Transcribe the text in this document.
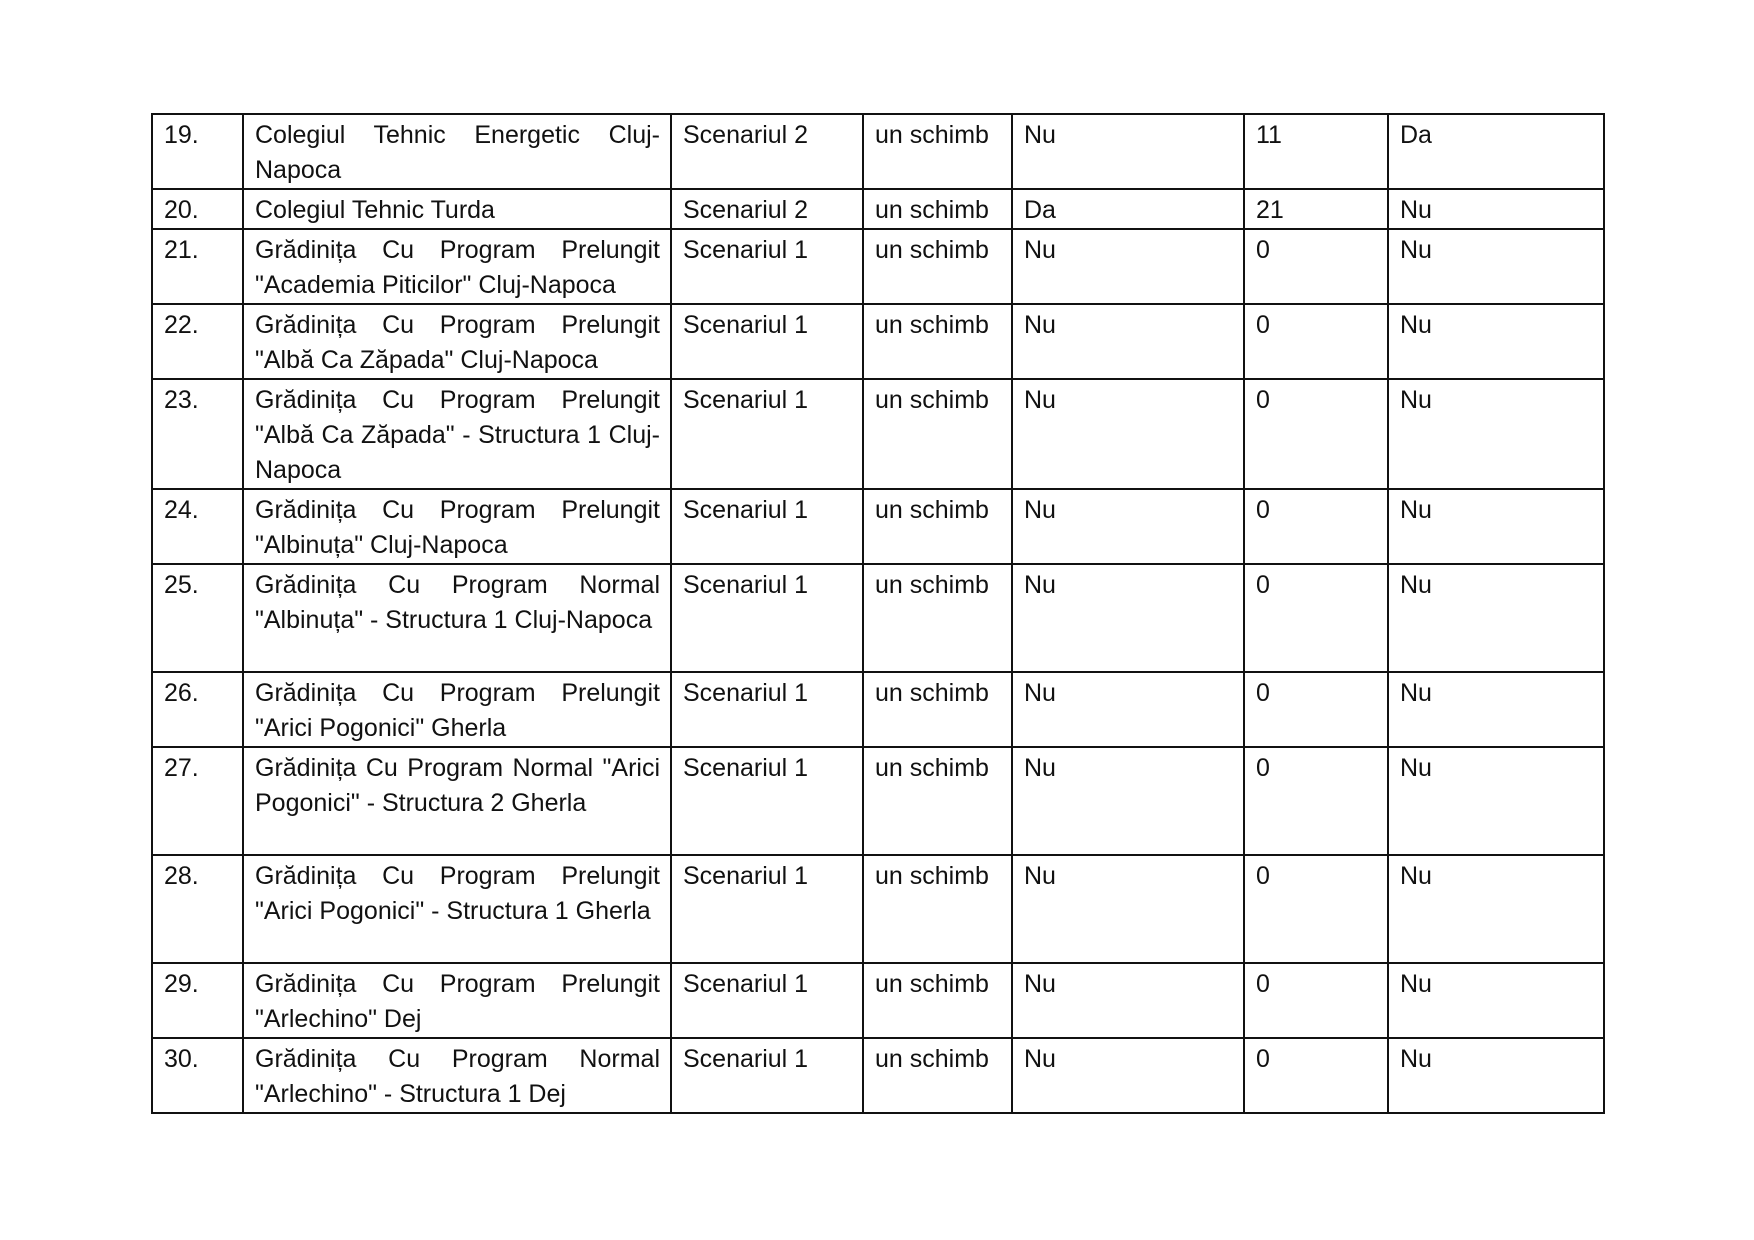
19.	Colegiul Tehnic Energetic Cluj-Napoca	Scenariul 2	un schimb	Nu	11	Da
20.	Colegiul Tehnic Turda	Scenariul 2	un schimb	Da	21	Nu
21.	Grădinița Cu Program Prelungit "Academia Piticilor" Cluj-Napoca	Scenariul 1	un schimb	Nu	0	Nu
22.	Grădinița Cu Program Prelungit "Albă Ca Zăpada" Cluj-Napoca	Scenariul 1	un schimb	Nu	0	Nu
23.	Grădinița Cu Program Prelungit "Albă Ca Zăpada" - Structura 1 Cluj-Napoca	Scenariul 1	un schimb	Nu	0	Nu
24.	Grădinița Cu Program Prelungit "Albinuța" Cluj-Napoca	Scenariul 1	un schimb	Nu	0	Nu
25.	Grădinița Cu Program Normal "Albinuța" - Structura 1 Cluj-Napoca	Scenariul 1	un schimb	Nu	0	Nu
26.	Grădinița Cu Program Prelungit "Arici Pogonici" Gherla	Scenariul 1	un schimb	Nu	0	Nu
27.	Grădinița Cu Program Normal "Arici Pogonici" - Structura 2 Gherla	Scenariul 1	un schimb	Nu	0	Nu
28.	Grădinița Cu Program Prelungit "Arici Pogonici" - Structura 1 Gherla	Scenariul 1	un schimb	Nu	0	Nu
29.	Grădinița Cu Program Prelungit "Arlechino" Dej	Scenariul 1	un schimb	Nu	0	Nu
30.	Grădinița Cu Program Normal "Arlechino" - Structura 1 Dej	Scenariul 1	un schimb	Nu	0	Nu
